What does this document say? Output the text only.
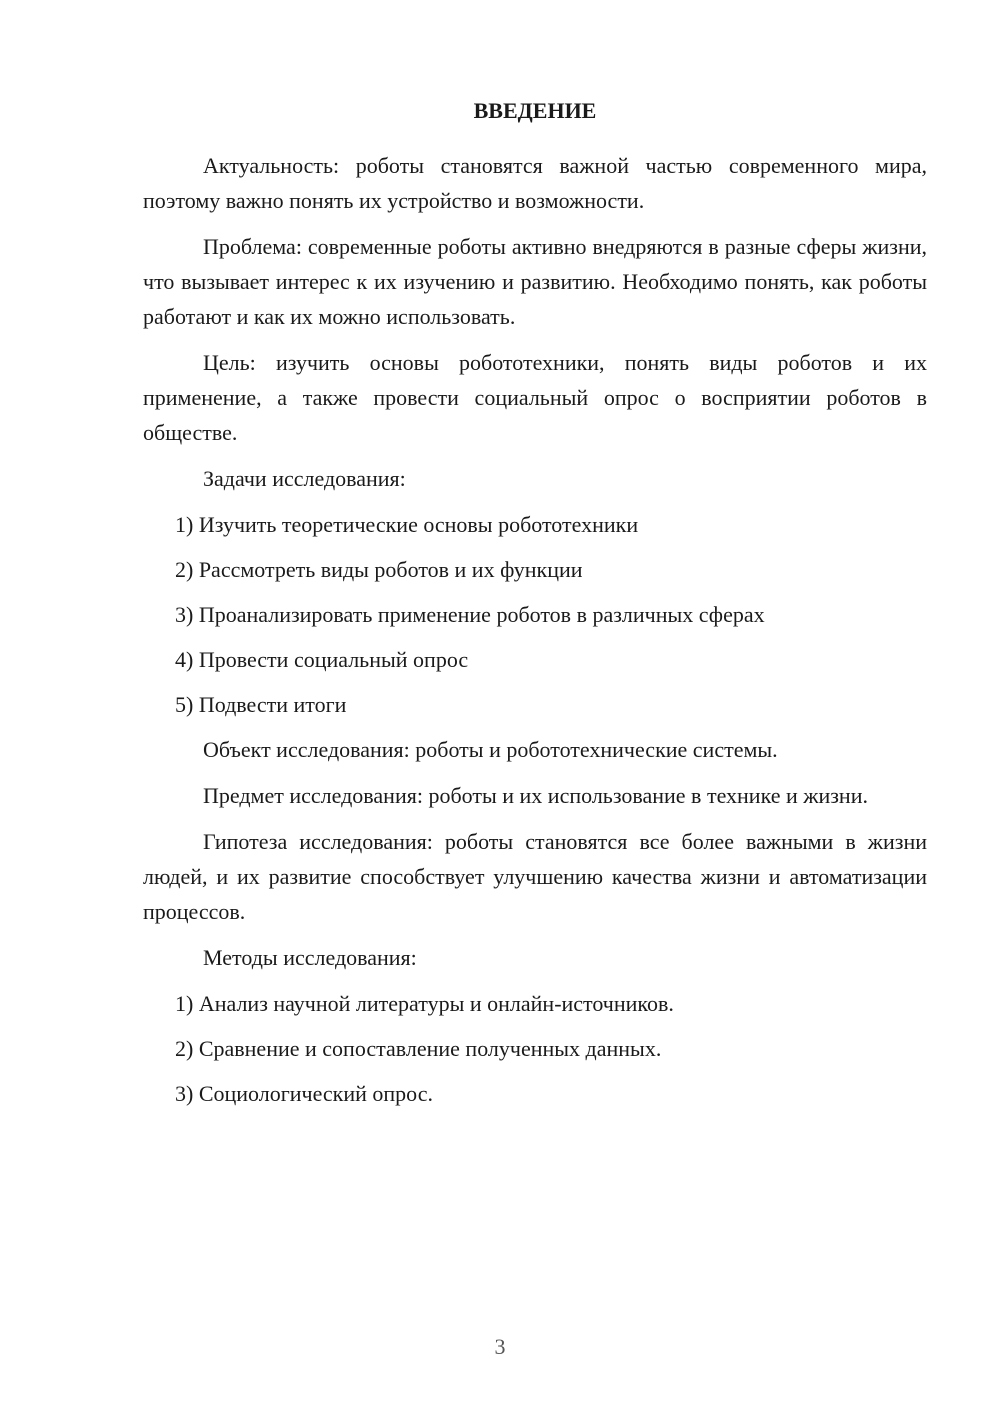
ВВЕДЕНИЕ

Актуальность: роботы становятся важной частью современного мира, поэтому важно понять их устройство и возможности.

Проблема: современные роботы активно внедряются в разные сферы жизни, что вызывает интерес к их изучению и развитию. Необходимо понять, как роботы работают и как их можно использовать.

Цель: изучить основы робототехники, понять виды роботов и их применение, а также провести социальный опрос о восприятии роботов в обществе.

Задачи исследования:

1) Изучить теоретические основы робототехники

2) Рассмотреть виды роботов и их функции

3) Проанализировать применение роботов в различных сферах

4) Провести социальный опрос

5) Подвести итоги

Объект исследования: роботы и робототехнические системы.

Предмет исследования: роботы и их использование в технике и жизни.

Гипотеза исследования: роботы становятся все более важными в жизни людей, и их развитие способствует улучшению качества жизни и автоматизации процессов.

Методы исследования:

1) Анализ научной литературы и онлайн-источников.

2) Сравнение и сопоставление полученных данных.

3) Социологический опрос.

3
